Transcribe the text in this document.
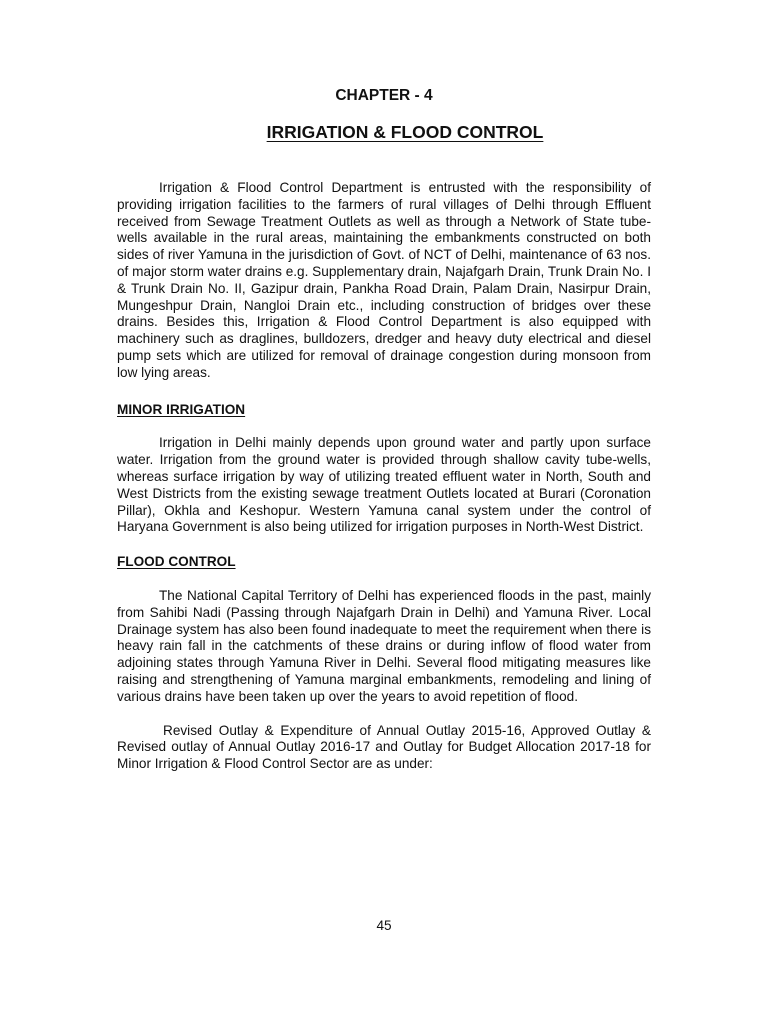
CHAPTER - 4
IRRIGATION & FLOOD CONTROL

Irrigation & Flood Control Department is entrusted with the responsibility of providing irrigation facilities to the farmers of rural villages of Delhi through Effluent received from Sewage Treatment Outlets as well as through a Network of State tube-wells available in the rural areas, maintaining the embankments constructed on both sides of river Yamuna in the jurisdiction of Govt. of NCT of Delhi, maintenance of 63 nos. of major storm water drains e.g. Supplementary drain, Najafgarh Drain, Trunk Drain No. I & Trunk Drain No. II, Gazipur drain, Pankha Road Drain, Palam Drain, Nasirpur Drain, Mungeshpur Drain, Nangloi Drain etc., including construction of bridges over these drains. Besides this, Irrigation & Flood Control Department is also equipped with machinery such as draglines, bulldozers, dredger and heavy duty electrical and diesel pump sets which are utilized for removal of drainage congestion during monsoon from low lying areas.

MINOR IRRIGATION

Irrigation in Delhi mainly depends upon ground water and partly upon surface water. Irrigation from the ground water is provided through shallow cavity tube-wells, whereas surface irrigation by way of utilizing treated effluent water in North, South and West Districts from the existing sewage treatment Outlets located at Burari (Coronation Pillar), Okhla and Keshopur. Western Yamuna canal system under the control of Haryana Government is also being utilized for irrigation purposes in North-West District.

FLOOD CONTROL

The National Capital Territory of Delhi has experienced floods in the past, mainly from Sahibi Nadi (Passing through Najafgarh Drain in Delhi) and Yamuna River. Local Drainage system has also been found inadequate to meet the requirement when there is heavy rain fall in the catchments of these drains or during inflow of flood water from adjoining states through Yamuna River in Delhi. Several flood mitigating measures like raising and strengthening of Yamuna marginal embankments, remodeling and lining of various drains have been taken up over the years to avoid repetition of flood.

Revised Outlay & Expenditure of Annual Outlay 2015-16, Approved Outlay & Revised outlay of Annual Outlay 2016-17 and Outlay for Budget Allocation 2017-18 for Minor Irrigation & Flood Control Sector are as under:

45
